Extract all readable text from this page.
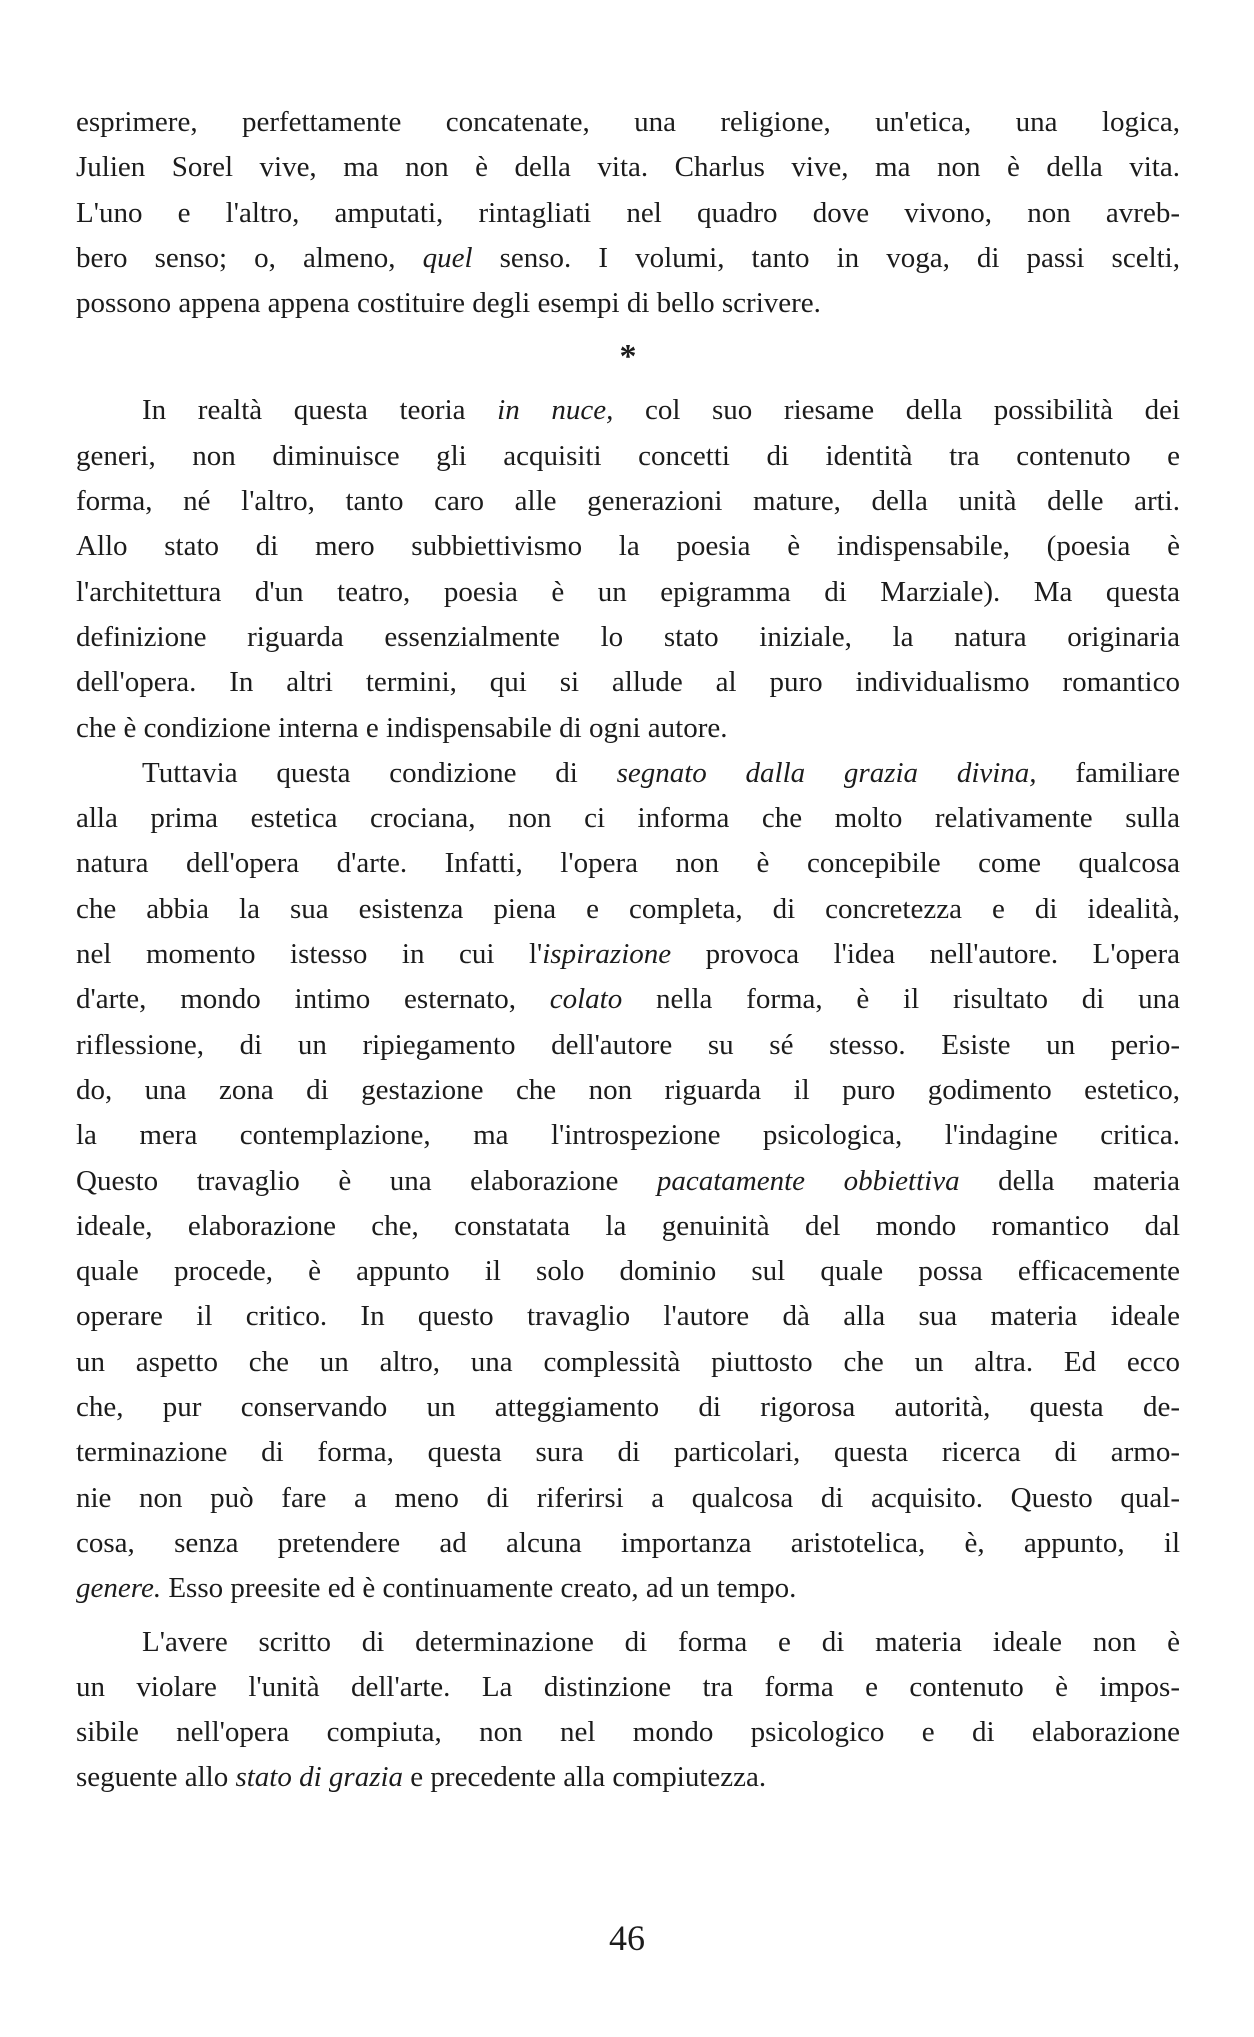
esprimere, perfettamente concatenate, una religione, un'etica, una logica,
Julien Sorel vive, ma non è della vita. Charlus vive, ma non è della vita.
L'uno e l'altro, amputati, rintagliati nel quadro dove vivono, non avreb-
bero senso; o, almeno, quel senso. I volumi, tanto in voga, di passi scelti,
possono appena appena costituire degli esempi di bello scrivere.
*
In realtà questa teoria in nuce, col suo riesame della possibilità dei
generi, non diminuisce gli acquisiti concetti di identità tra contenuto e
forma, né l'altro, tanto caro alle generazioni mature, della unità delle arti.
Allo stato di mero subbiettivismo la poesia è indispensabile, (poesia è
l'architettura d'un teatro, poesia è un epigramma di Marziale). Ma questa
definizione riguarda essenzialmente lo stato iniziale, la natura originaria
dell'opera. In altri termini, qui si allude al puro individualismo romantico
che è condizione interna e indispensabile di ogni autore.
Tuttavia questa condizione di segnato dalla grazia divina, familiare
alla prima estetica crociana, non ci informa che molto relativamente sulla
natura dell'opera d'arte. Infatti, l'opera non è concepibile come qualcosa
che abbia la sua esistenza piena e completa, di concretezza e di idealità,
nel momento istesso in cui l'ispirazione provoca l'idea nell'autore. L'opera
d'arte, mondo intimo esternato, colato nella forma, è il risultato di una
riflessione, di un ripiegamento dell'autore su sé stesso. Esiste un perio-
do, una zona di gestazione che non riguarda il puro godimento estetico,
la mera contemplazione, ma l'introspezione psicologica, l'indagine critica.
Questo travaglio è una elaborazione pacatamente obbiettiva della materia
ideale, elaborazione che, constatata la genuinità del mondo romantico dal
quale procede, è appunto il solo dominio sul quale possa efficacemente
operare il critico. In questo travaglio l'autore dà alla sua materia ideale
un aspetto che un altro, una complessità piuttosto che un altra. Ed ecco
che, pur conservando un atteggiamento di rigorosa autorità, questa de-
terminazione di forma, questa sura di particolari, questa ricerca di armo-
nie non può fare a meno di riferirsi a qualcosa di acquisito. Questo qual-
cosa, senza pretendere ad alcuna importanza aristotelica, è, appunto, il
genere. Esso preesite ed è continuamente creato, ad un tempo.
L'avere scritto di determinazione di forma e di materia ideale non è
un violare l'unità dell'arte. La distinzione tra forma e contenuto è impos-
sibile nell'opera compiuta, non nel mondo psicologico e di elaborazione
seguente allo stato di grazia e precedente alla compiutezza.
46
